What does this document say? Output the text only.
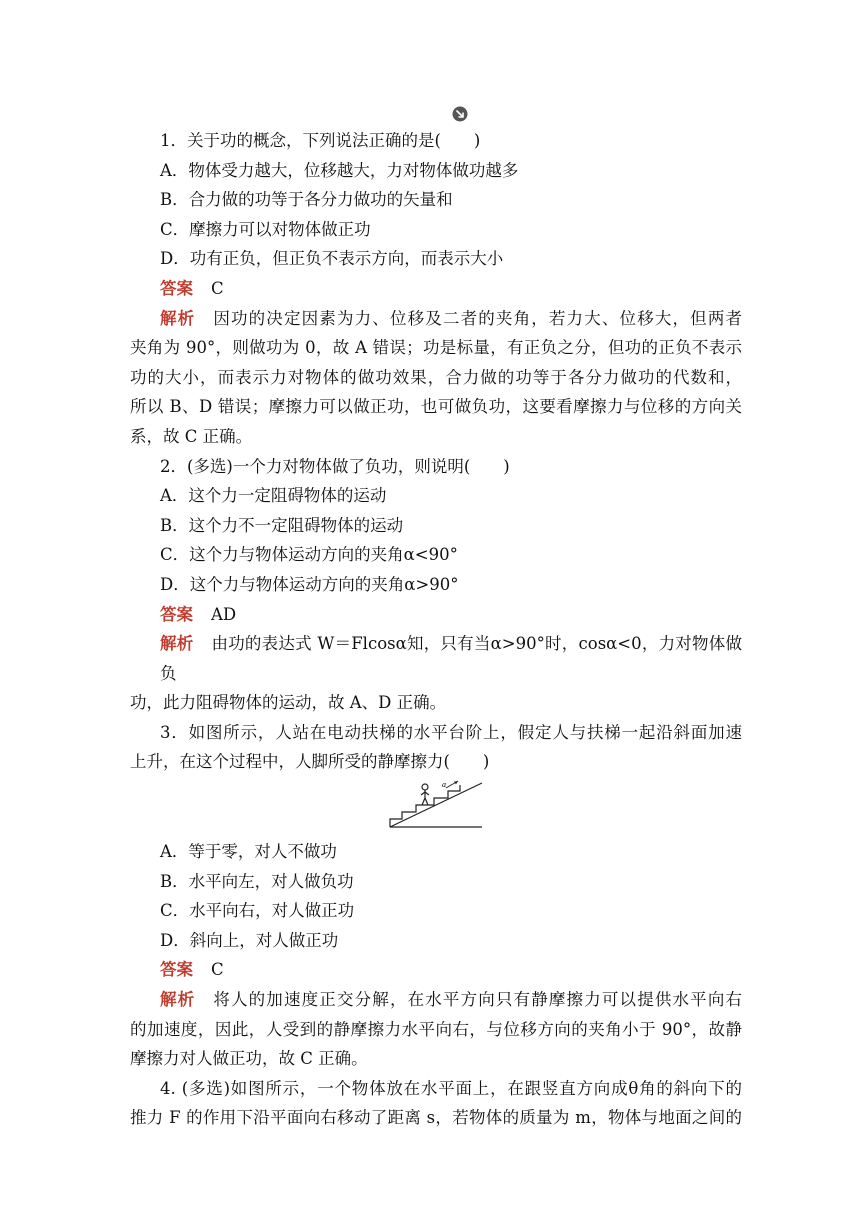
1．关于功的概念，下列说法正确的是(　　)
A．物体受力越大，位移越大，力对物体做功越多
B．合力做的功等于各分力做功的矢量和
C．摩擦力可以对物体做正功
D．功有正负，但正负不表示方向，而表示大小
答案 C
解析 因功的决定因素为力、位移及二者的夹角，若力大、位移大，但两者
夹角为 90°，则做功为 0，故 A 错误；功是标量，有正负之分，但功的正负不表示
功的大小，而表示力对物体的做功效果，合力做的功等于各分力做功的代数和，
所以 B、D 错误；摩擦力可以做正功，也可做负功，这要看摩擦力与位移的方向关
系，故 C 正确。
2．(多选)一个力对物体做了负功，则说明(　　)
A．这个力一定阻碍物体的运动
B．这个力不一定阻碍物体的运动
C．这个力与物体运动方向的夹角α<90°
D．这个力与物体运动方向的夹角α>90°
答案 AD
解析 由功的表达式 W＝Flcosα知，只有当α>90°时，cosα<0，力对物体做负
功，此力阻碍物体的运动，故 A、D 正确。
3．如图所示，人站在电动扶梯的水平台阶上，假定人与扶梯一起沿斜面加速
上升，在这个过程中，人脚所受的静摩擦力(　　)
a
A．等于零，对人不做功
B．水平向左，对人做负功
C．水平向右，对人做正功
D．斜向上，对人做正功
答案 C
解析 将人的加速度正交分解，在水平方向只有静摩擦力可以提供水平向右
的加速度，因此，人受到的静摩擦力水平向右，与位移方向的夹角小于 90°，故静
摩擦力对人做正功，故 C 正确。
4. (多选)如图所示，一个物体放在水平面上，在跟竖直方向成θ角的斜向下的
推力 F 的作用下沿平面向右移动了距离 s，若物体的质量为 m，物体与地面之间的
